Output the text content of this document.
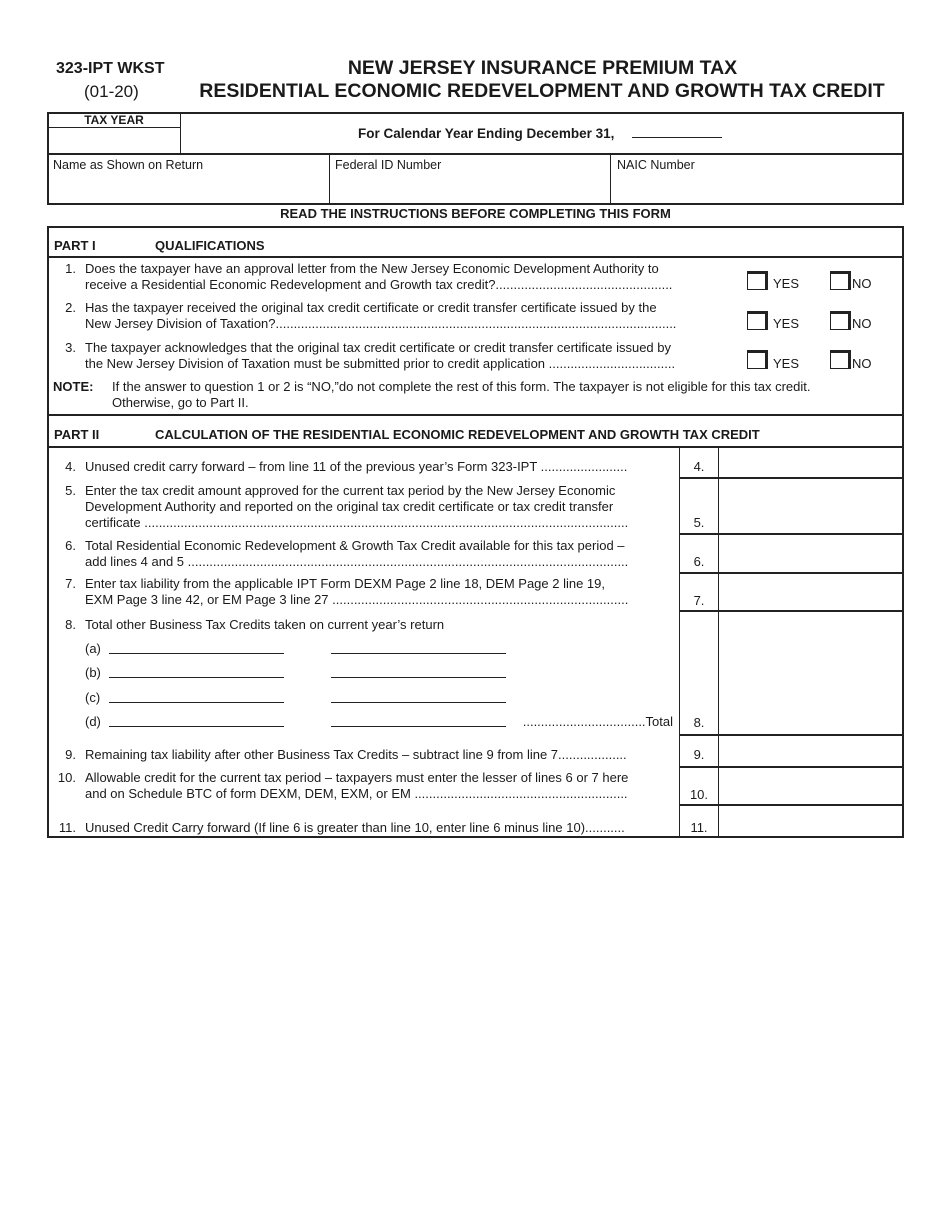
323-IPT WKST
(01-20)
NEW JERSEY INSURANCE PREMIUM TAX
RESIDENTIAL ECONOMIC REDEVELOPMENT AND GROWTH TAX CREDIT
TAX YEAR
For Calendar Year Ending December 31,
Name as Shown on Return	Federal ID Number	NAIC Number
READ THE INSTRUCTIONS BEFORE COMPLETING THIS FORM
PART I	QUALIFICATIONS
1. Does the taxpayer have an approval letter from the New Jersey Economic Development Authority to
receive a Residential Economic Redevelopment and Growth tax credit?.................................................	YES	NO
2. Has the taxpayer received the original tax credit certificate or credit transfer certificate issued by the
New Jersey Division of Taxation?...............................................................................................................	YES	NO
3. The taxpayer acknowledges that the original tax credit certificate or credit transfer certificate issued by
the New Jersey Division of Taxation must be submitted prior to credit application ...................................	YES	NO
NOTE: If the answer to question 1 or 2 is “NO,”do not complete the rest of this form. The taxpayer is not eligible for this tax credit.
Otherwise, go to Part II.
PART II	CALCULATION OF THE RESIDENTIAL ECONOMIC REDEVELOPMENT AND GROWTH TAX CREDIT
4. Unused credit carry forward – from line 11 of the previous year’s Form 323-IPT ........................	4.
5. Enter the tax credit amount approved for the current tax period by the New Jersey Economic
Development Authority and reported on the original tax credit certificate or tax credit transfer
certificate ......................................................................................................................................	5.
6. Total Residential Economic Redevelopment & Growth Tax Credit available for this tax period –
add lines 4 and 5 ..........................................................................................................................	6.
7. Enter tax liability from the applicable IPT Form DEXM Page 2 line 18, DEM Page 2 line 19,
EXM Page 3 line 42, or EM Page 3 line 27 ..................................................................................	7.
8. Total other Business Tax Credits taken on current year’s return
(a)
(b)
(c)
(d)	..................................Total	8.
9. Remaining tax liability after other Business Tax Credits – subtract line 9 from line 7...................	9.
10. Allowable credit for the current tax period – taxpayers must enter the lesser of lines 6 or 7 here
and on Schedule BTC of form DEXM, DEM, EXM, or EM ...........................................................	10.
11. Unused Credit Carry forward (If line 6 is greater than line 10, enter line 6 minus line 10)...........	11.
